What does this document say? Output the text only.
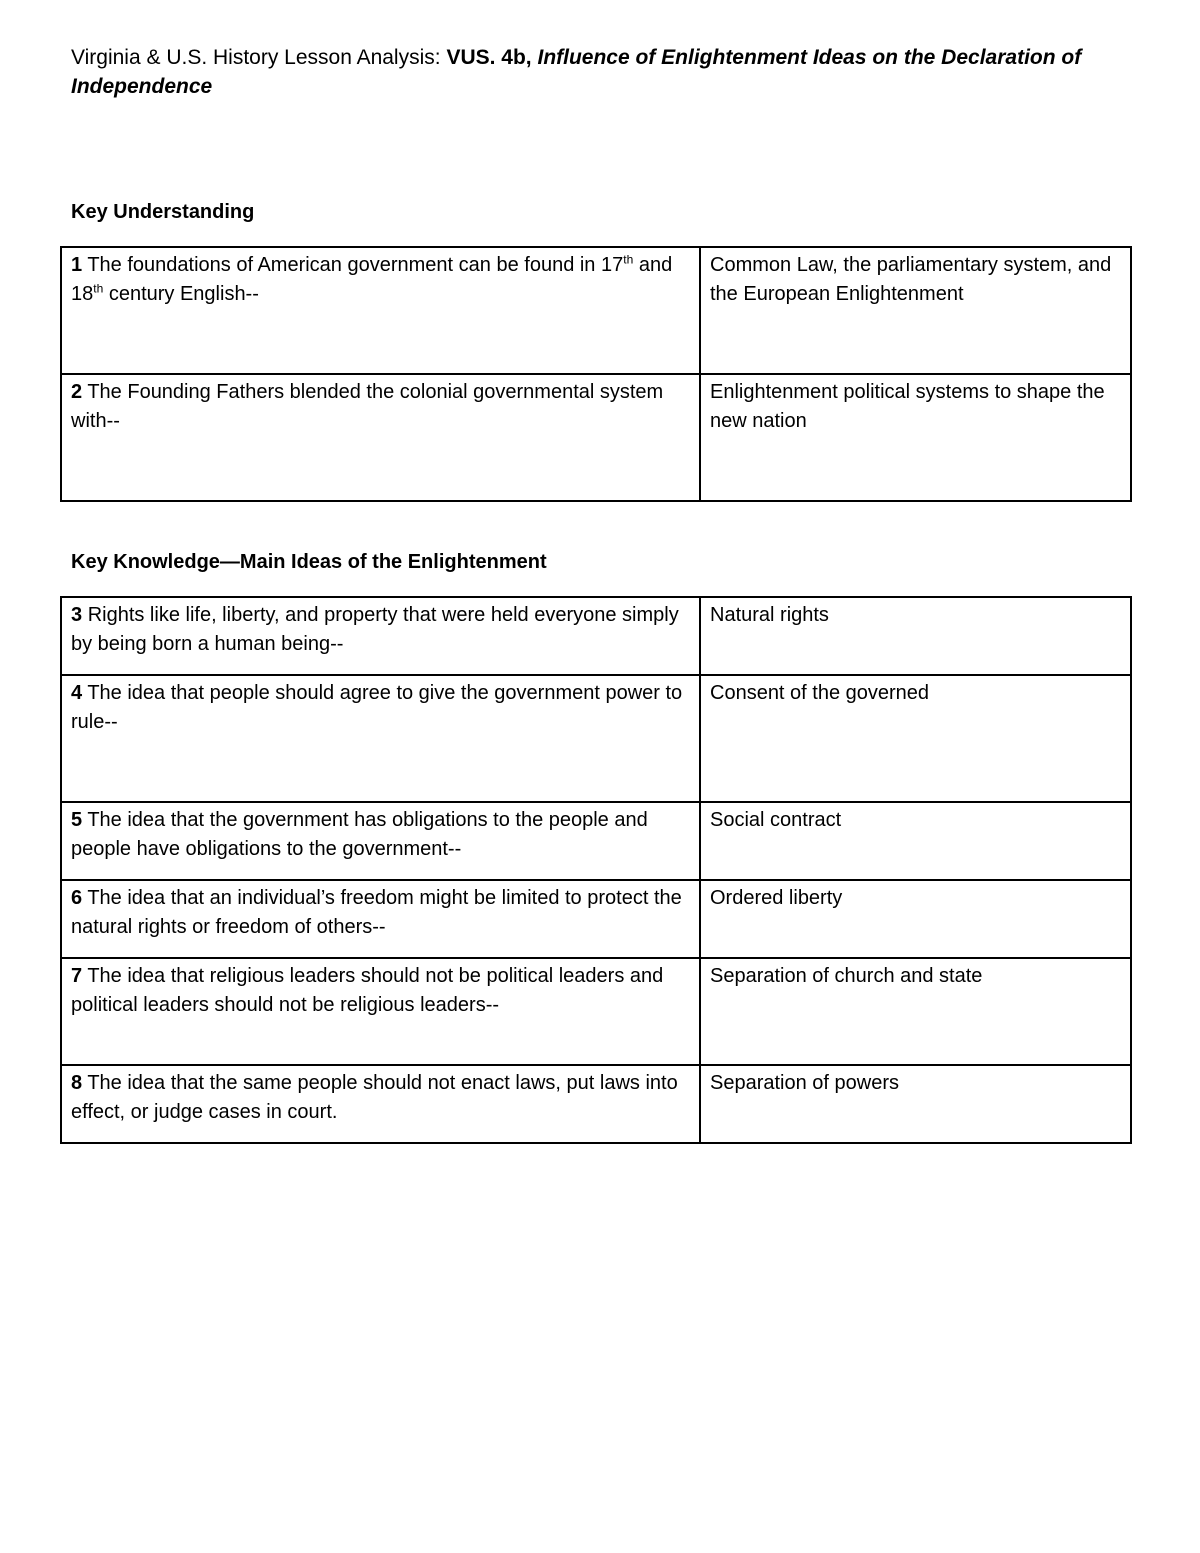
Virginia & U.S. History Lesson Analysis: VUS. 4b, Influence of Enlightenment Ideas on the Declaration of Independence
Key Understanding
1 The foundations of American government can be found in 17th and 18th century English--	Common Law, the parliamentary system, and the European Enlightenment
2 The Founding Fathers blended the colonial governmental system with--	Enlightenment political systems to shape the new nation
Key Knowledge—Main Ideas of the Enlightenment
3 Rights like life, liberty, and property that were held everyone simply by being born a human being--	Natural rights
4 The idea that people should agree to give the government power to rule--	Consent of the governed
5 The idea that the government has obligations to the people and people have obligations to the government--	Social contract
6 The idea that an individual’s freedom might be limited to protect the natural rights or freedom of others--	Ordered liberty
7 The idea that religious leaders should not be political leaders and political leaders should not be religious leaders--	Separation of church and state
8 The idea that the same people should not enact laws, put laws into effect, or judge cases in court.	Separation of powers
